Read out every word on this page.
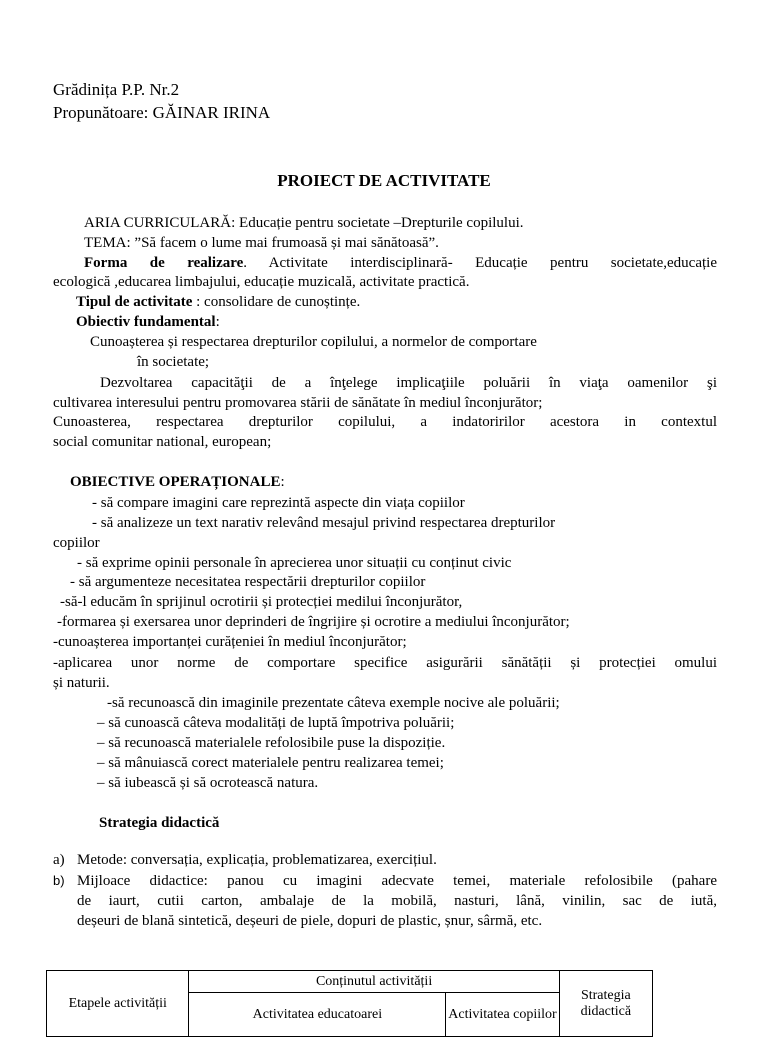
Grădinița P.P. Nr.2
Propunătoare: GĂINAR IRINA
PROIECT DE ACTIVITATE
ARIA CURRICULARĂ: Educație pentru societate –Drepturile copilului.
TEMA: ”Să facem o lume mai frumoasă și mai sănătoasă”.
Forma de realizare. Activitate interdisciplinară- Educație pentru societate,educație
ecologică ,educarea limbajului, educație muzicală, activitate practică.
Tipul de activitate : consolidare de cunoștințe.
Obiectiv fundamental:
Cunoașterea și respectarea drepturilor copilului, a normelor de comportare
în societate;
Dezvoltarea capacităţii de a înţelege implicaţiile poluării în viaţa oamenilor şi
cultivarea interesului pentru promovarea stării de sănătate în mediul înconjurător;
Cunoasterea, respectarea drepturilor copilului, a indatoririlor acestora in contextul
social comunitar national, european;
OBIECTIVE OPERAȚIONALE:
- să compare imagini care reprezintă aspecte din viața copiilor
- să analizeze un text narativ relevând mesajul privind respectarea drepturilor
copiilor
- să exprime opinii personale în aprecierea unor situații cu conținut civic
- să argumenteze necesitatea respectării drepturilor copiilor
-să-l educăm în sprijinul ocrotirii și protecției medilui înconjurător,
-formarea și exersarea unor deprinderi de îngrijire și ocrotire a mediului înconjurător;
-cunoașterea importanței curățeniei în mediul înconjurător;
-aplicarea unor norme de comportare specifice asigurării sănătății și protecției omului
și naturii.
-să recunoască din imaginile prezentate câteva exemple nocive ale poluării;
– să cunoască câteva modalități de luptă împotriva poluării;
– să recunoască materialele refolosibile puse la dispoziție.
– să mânuiască corect materialele pentru realizarea temei;
– să iubească și să ocrotească natura.
Strategia didactică
a) Metode: conversația, explicația, problematizarea, exercițiul.
b) Mijloace didactice: panou cu imagini adecvate temei, materiale refolosibile (pahare
de iaurt, cutii carton, ambalaje de la mobilă, nasturi, lână, vinilin, sac de iută,
deșeuri de blană sintetică, deșeuri de piele, dopuri de plastic, șnur, sârmă, etc.
Etapele activității	Conținutul activității		Strategia didactică
	Activitatea educatoarei	Activitatea copiilor	
